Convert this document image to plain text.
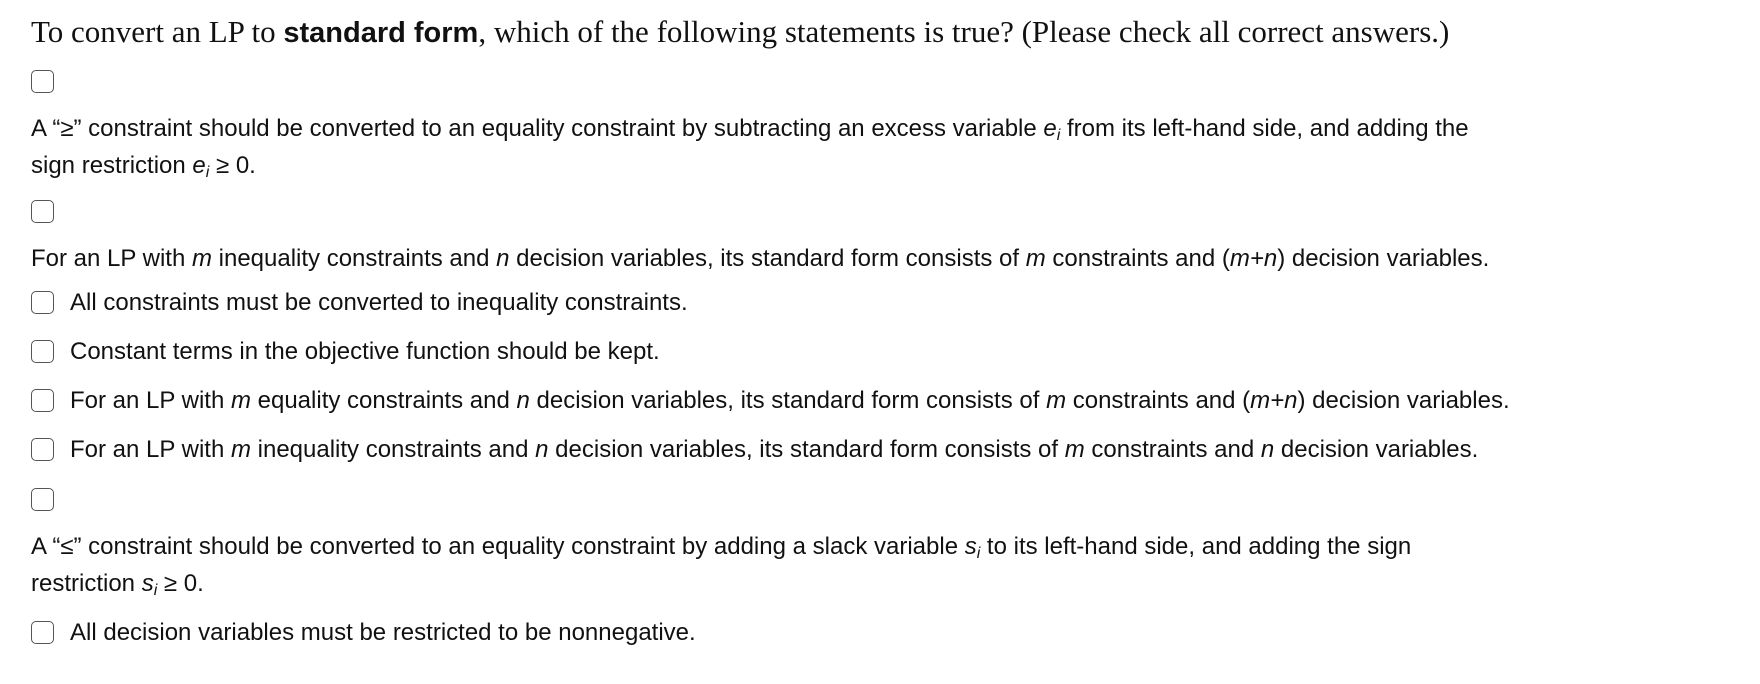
To convert an LP to standard form, which of the following statements is true? (Please check all correct answers.)
A “≥” constraint should be converted to an equality constraint by subtracting an excess variable $e_i$ from its left-hand side, and adding the
sign restriction $e_i \ge 0$.
For an LP with m inequality constraints and n decision variables, its standard form consists of m constraints and (m+n) decision variables.
All constraints must be converted to inequality constraints.
Constant terms in the objective function should be kept.
For an LP with m equality constraints and n decision variables, its standard form consists of m constraints and (m+n) decision variables.
For an LP with m inequality constraints and n decision variables, its standard form consists of m constraints and n decision variables.
A “≤” constraint should be converted to an equality constraint by adding a slack variable $s_i$ to its left-hand side, and adding the sign
restriction $s_i \ge 0$.
All decision variables must be restricted to be nonnegative.
